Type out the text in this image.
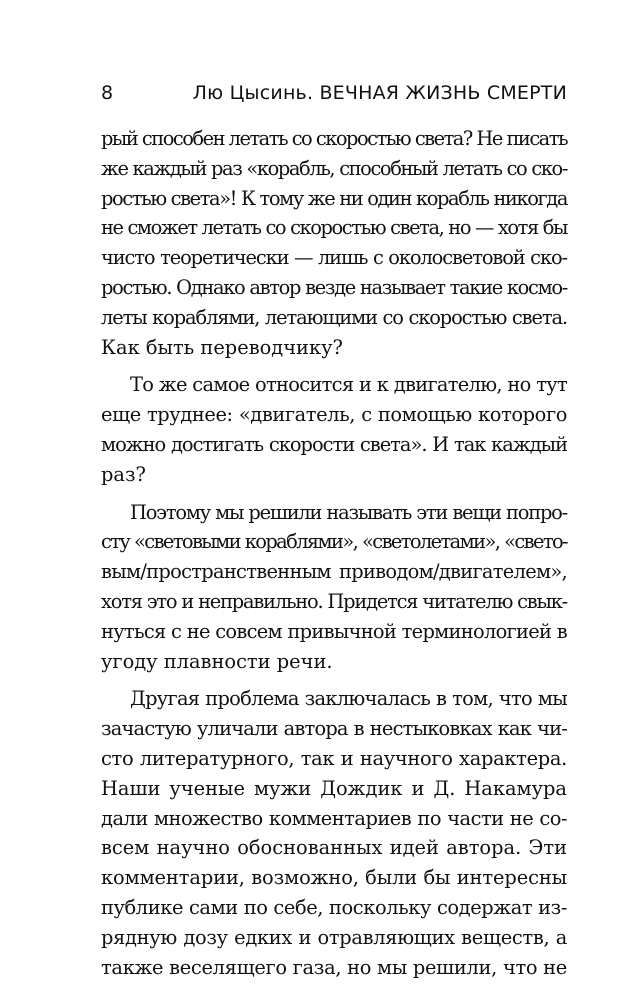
8	Лю Цысинь. ВЕЧНАЯ ЖИЗНЬ СМЕРТИ
рый способен летать со скоростью света? Не писать
же каждый раз «корабль, способный летать со ско-
ростью света»! К тому же ни один корабль никогда
не сможет летать со скоростью света, но — хотя бы
чисто теоретически — лишь с околосветовой ско-
ростью. Однако автор везде называет такие космо-
леты кораблями, летающими со скоростью света.
Как быть переводчику?
То же самое относится и к двигателю, но тут
еще труднее: «двигатель, с помощью которого
можно достигать скорости света». И так каждый
раз?
Поэтому мы решили называть эти вещи попро-
сту «световыми кораблями», «светолетами», «свето-
вым/пространственным приводом/двигателем»,
хотя это и неправильно. Придется читателю свык-
нуться с не совсем привычной терминологией в
угоду плавности речи.
Другая проблема заключалась в том, что мы
зачастую уличали автора в нестыковках как чи-
сто литературного, так и научного характера.
Наши ученые мужи Дождик и Д. Накамура
дали множество комментариев по части не со-
всем научно обоснованных идей автора. Эти
комментарии, возможно, были бы интересны
публике сами по себе, поскольку содержат из-
рядную дозу едких и отравляющих веществ, а
также веселящего газа, но мы решили, что не
